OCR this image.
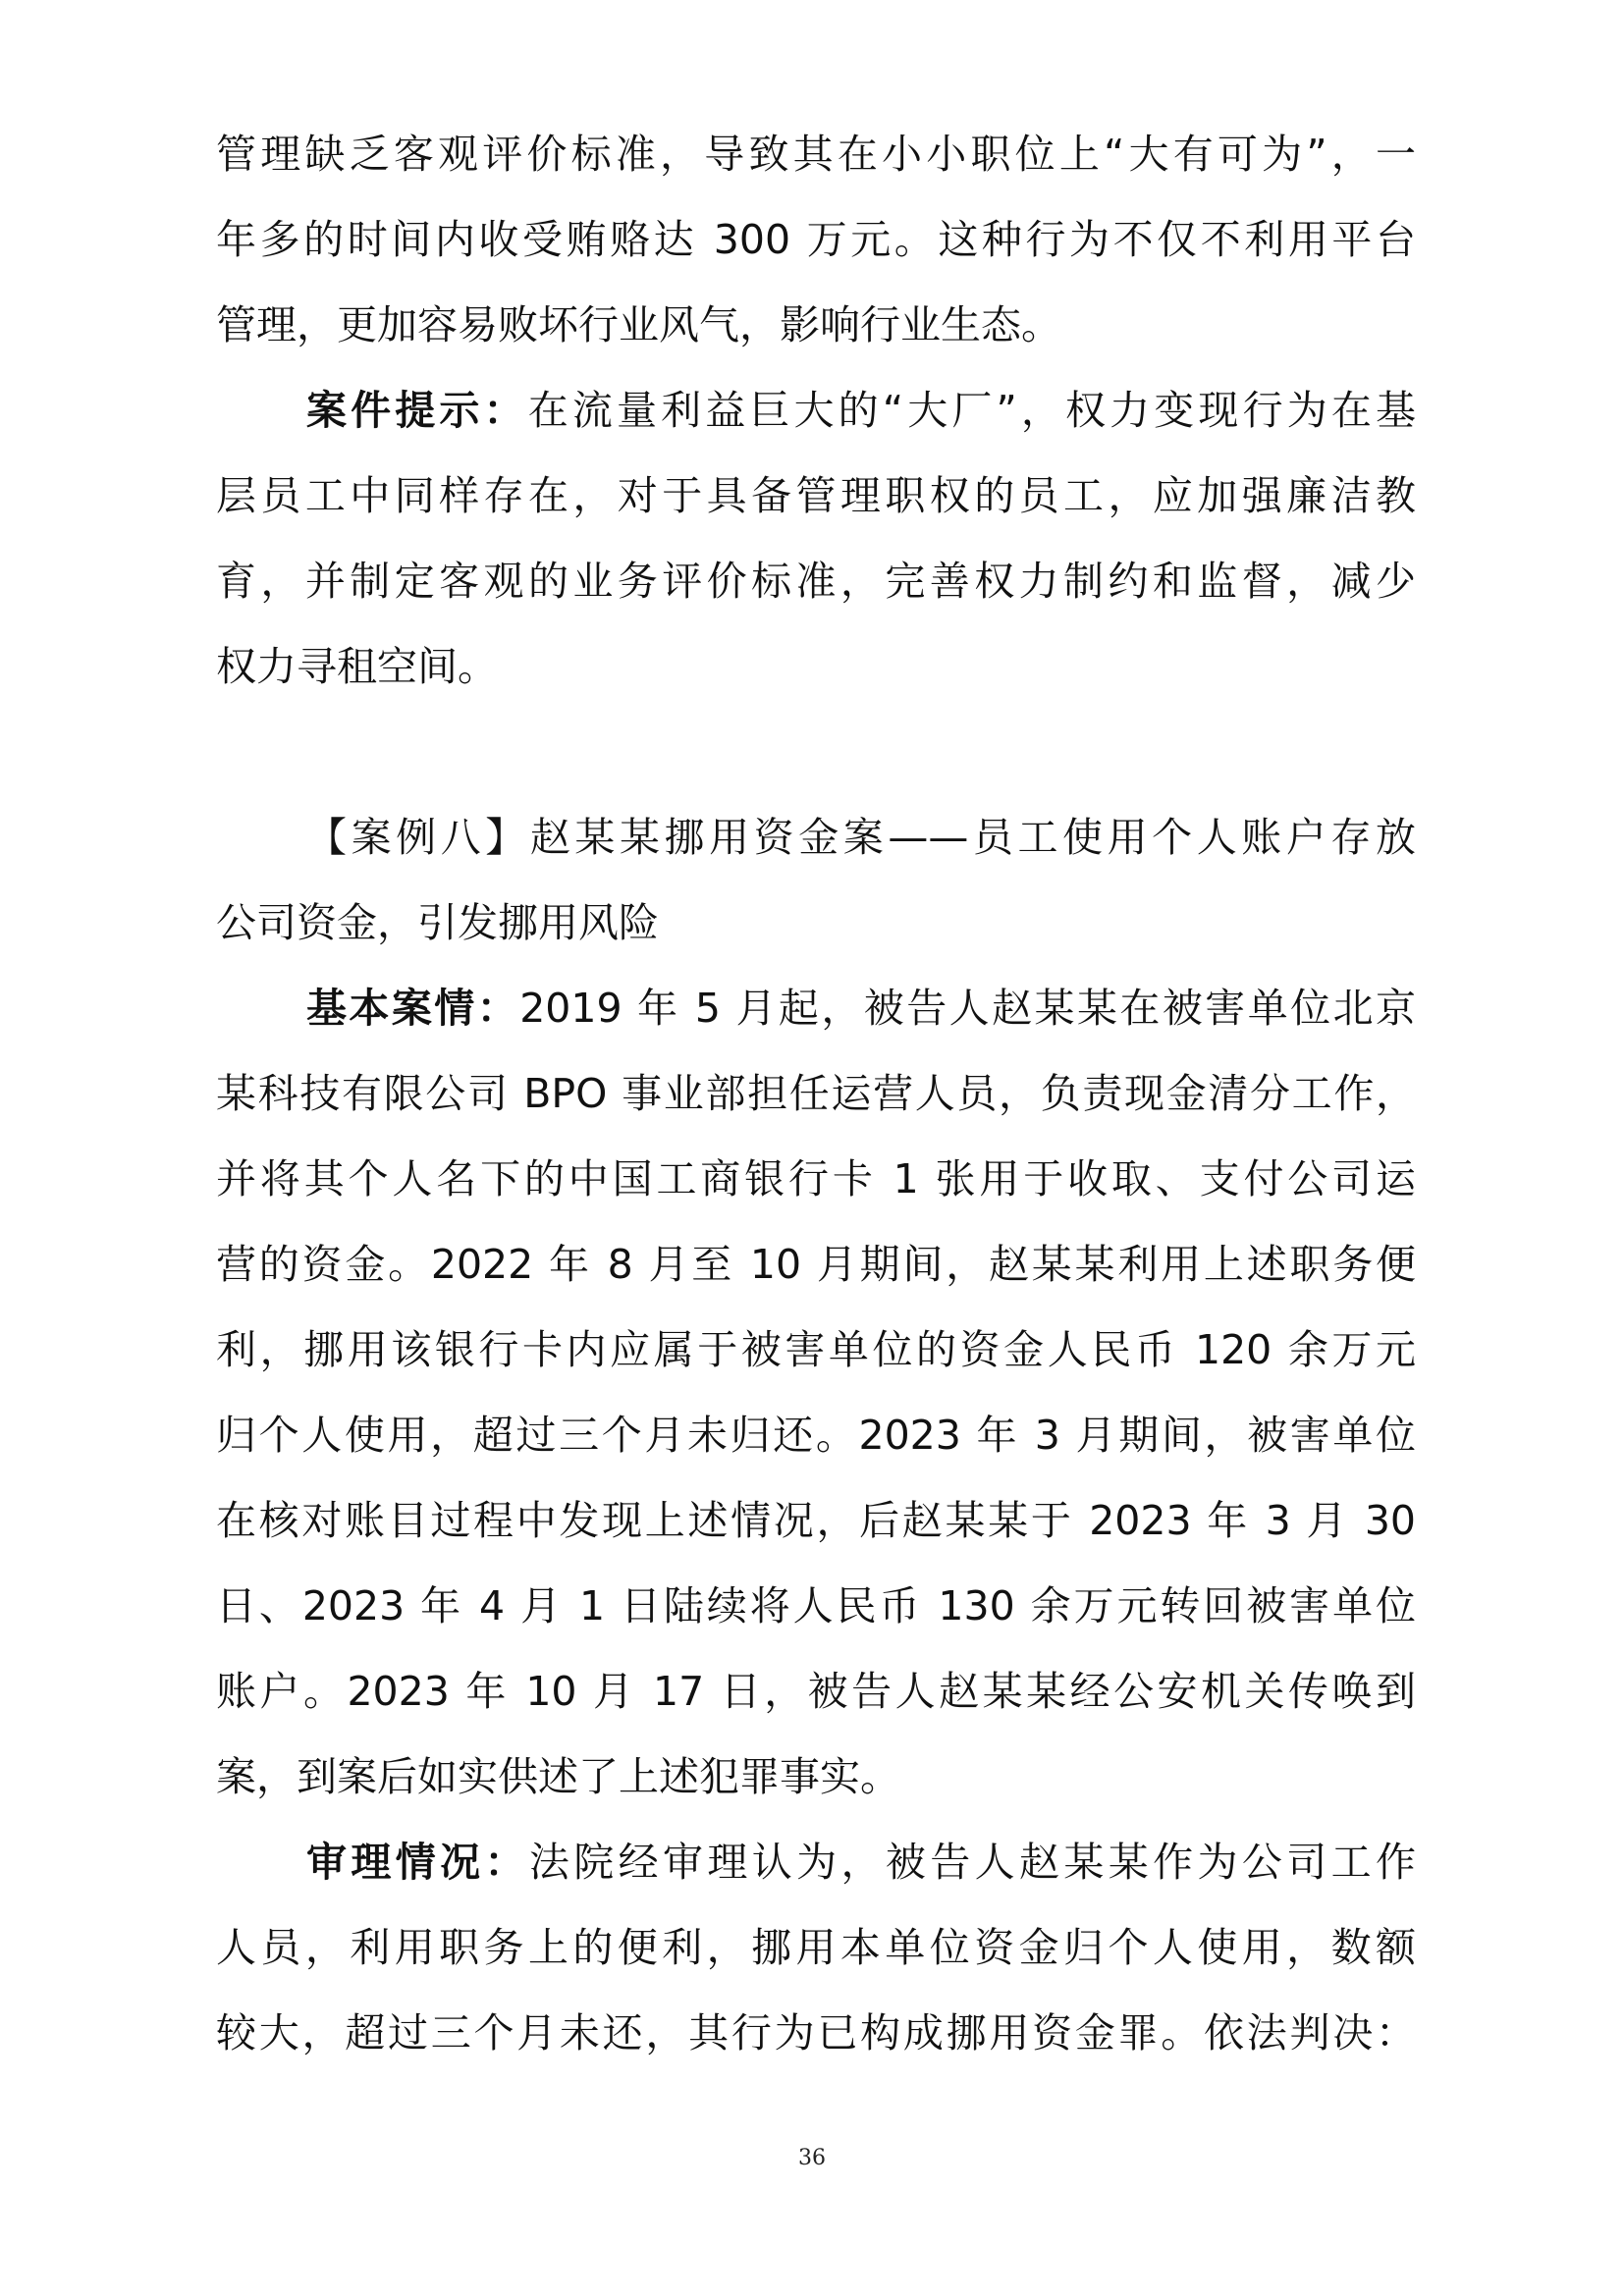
管理缺乏客观评价标准，导致其在小小职位上“大有可为”，一
年多的时间内收受贿赂达 300 万元。这种行为不仅不利用平台
管理，更加容易败坏行业风气，影响行业生态。
案件提示：在流量利益巨大的“大厂”，权力变现行为在基
层员工中同样存在，对于具备管理职权的员工，应加强廉洁教
育，并制定客观的业务评价标准，完善权力制约和监督，减少
权力寻租空间。
【案例八】赵某某挪用资金案——员工使用个人账户存放
公司资金，引发挪用风险
基本案情：2019 年 5 月起，被告人赵某某在被害单位北京
某科技有限公司 BPO 事业部担任运营人员，负责现金清分工作，
并将其个人名下的中国工商银行卡 1 张用于收取、支付公司运
营的资金。2022 年 8 月至 10 月期间，赵某某利用上述职务便
利，挪用该银行卡内应属于被害单位的资金人民币 120 余万元
归个人使用，超过三个月未归还。2023 年 3 月期间，被害单位
在核对账目过程中发现上述情况，后赵某某于 2023 年 3 月 30
日、2023 年 4 月 1 日陆续将人民币 130 余万元转回被害单位
账户。2023 年 10 月 17 日，被告人赵某某经公安机关传唤到
案，到案后如实供述了上述犯罪事实。
审理情况：法院经审理认为，被告人赵某某作为公司工作
人员，利用职务上的便利，挪用本单位资金归个人使用，数额
较大，超过三个月未还，其行为已构成挪用资金罪。依法判决：
36
